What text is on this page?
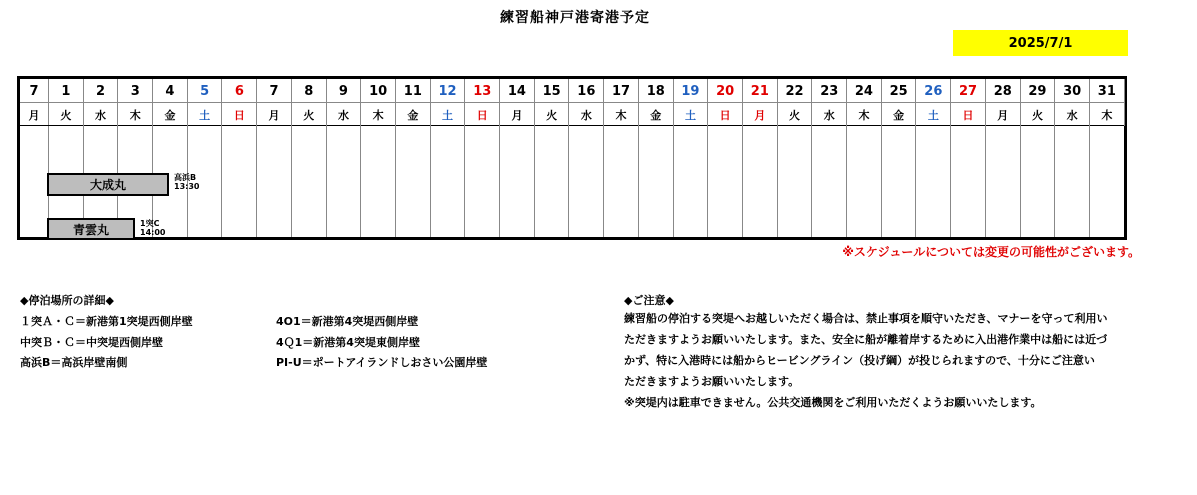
練習船神戸港寄港予定
2025/7/1
7
月
1
火
2
水
3
木
4
金
5
土
6
日
7
月
8
火
9
水
10
木
11
金
12
土
13
日
14
月
15
火
16
水
17
木
18
金
19
土
20
日
21
月
22
火
23
水
24
木
25
金
26
土
27
日
28
月
29
火
30
水
31
木
大成丸
高浜B
13:30
青雲丸	1突C
14:00
※スケジュールについては変更の可能性がございます。
◆停泊場所の詳細◆
１突Ａ・Ｃ＝新港第1突堤西側岸壁
中突Ｂ・Ｃ＝中突堤西側岸壁
高浜B＝高浜岸壁南側
4O1＝新港第4突堤西側岸壁
4Ｑ1＝新港第4突堤東側岸壁
PI-U＝ポートアイランドしおさい公園岸壁
◆ご注意◆
練習船の停泊する突堤へお越しいただく場合は、禁止事項を順守いただき、マナーを守って利用い
ただきますようお願いいたします。また、安全に船が離着岸するために入出港作業中は船には近づ
かず、特に入港時には船からヒービングライン（投げ綱）が投じられますので、十分にご注意い
ただきますようお願いいたします。
※突堤内は駐車できません。公共交通機関をご利用いただくようお願いいたします。
